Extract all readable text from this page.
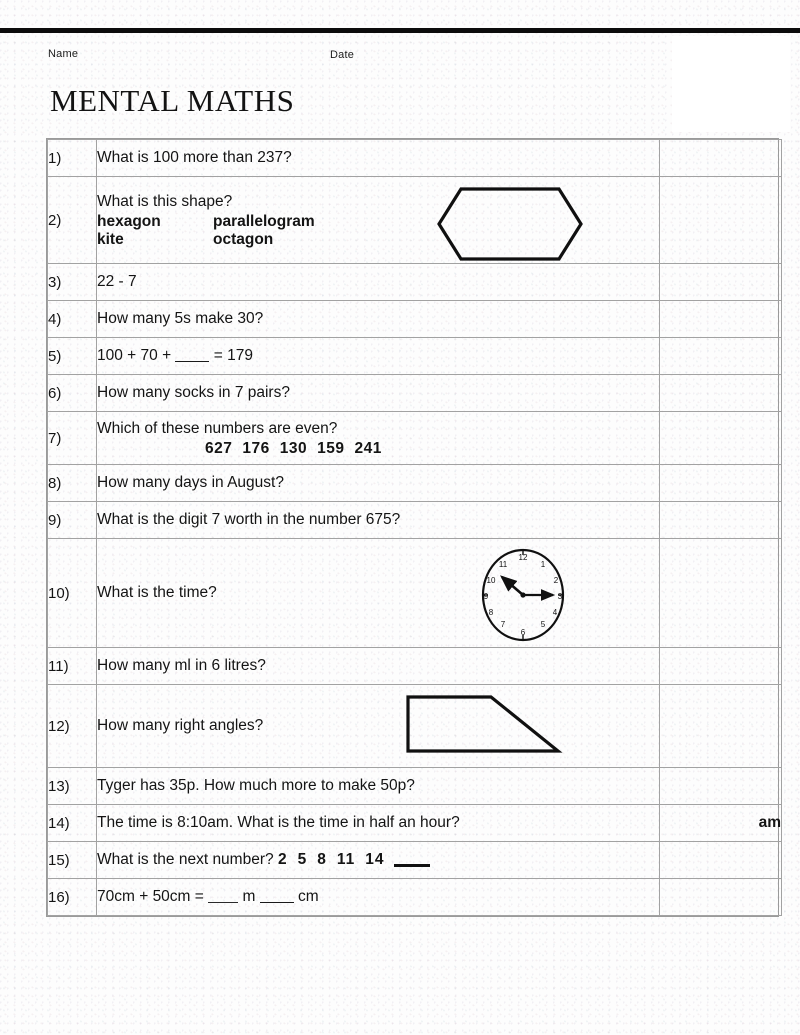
Name	Date
MENTAL MATHS
1)	What is 100 more than 237?	
2)	What is this shape?
hexagon parallelogram
kite octagon	

3)	22 - 7	
4)	How many 5s make 30?	
5)	100 + 70 +  = 179	
6)	How many socks in 7 pairs?	
7)	Which of these numbers are even?
627 176 130 159 241	

8)	How many days in August?	
9)	What is the digit 7 worth in the number 675?	
10)	What is the time?
12
1
2
3
4
5
6
7
8
9
10
11

11)	How many ml in 6 litres?	
12)	How many right angles?	

13)	Tyger has 35p. How much more to make 50p?	
14)	The time is 8:10am. What is the time in half an hour?	am
15)	What is the next number? 2 5 8 11 14	
16)	70cm + 50cm =  m  cm	
